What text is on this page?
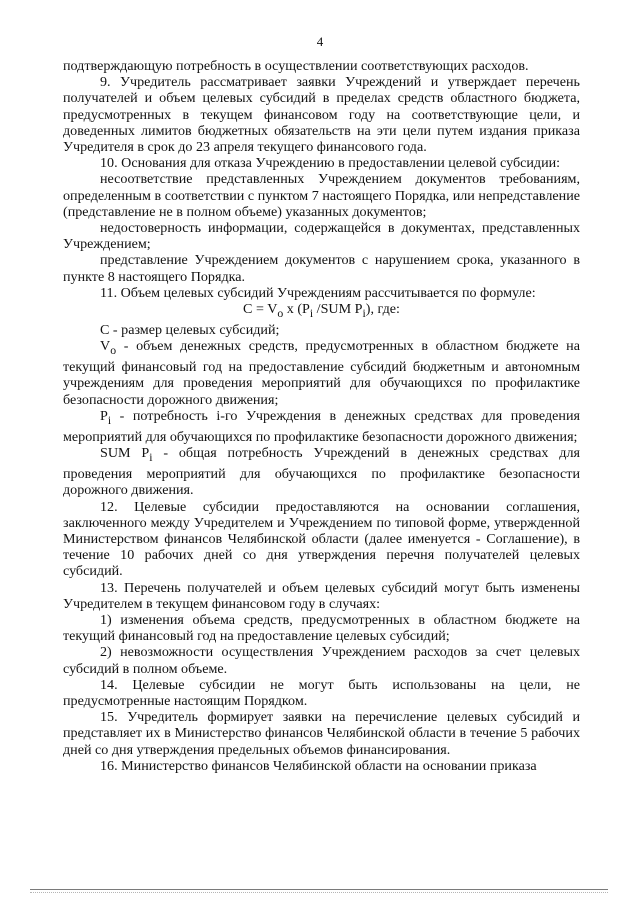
4

подтверждающую потребность в осуществлении соответствующих расходов.

9. Учредитель рассматривает заявки Учреждений и утверждает перечень получателей и объем целевых субсидий в пределах средств областного бюджета, предусмотренных в текущем финансовом году на соответствующие цели, и доведенных лимитов бюджетных обязательств на эти цели путем издания приказа Учредителя в срок до 23 апреля текущего финансового года.

10. Основания для отказа Учреждению в предоставлении целевой субсидии:

несоответствие представленных Учреждением документов требованиям, определенным в соответствии с пунктом 7 настоящего Порядка, или непредставление (представление не в полном объеме) указанных документов;

недостоверность информации, содержащейся в документах, представленных Учреждением;

представление Учреждением документов с нарушением срока, указанного в пункте 8 настоящего Порядка.

11. Объем целевых субсидий Учреждениям рассчитывается по формуле:

$C = V_o$ x ($P_i$ /SUM $P_i$), где:

C - размер целевых субсидий;

$V_o$ - объем денежных средств, предусмотренных в областном бюджете на текущий финансовый год на предоставление субсидий бюджетным и автономным учреждениям для проведения мероприятий для обучающихся по профилактике безопасности дорожного движения;

$P_i$ - потребность i-го Учреждения в денежных средствах для проведения мероприятий для обучающихся по профилактике безопасности дорожного движения;

SUM $P_i$ - общая потребность Учреждений в денежных средствах для проведения мероприятий для обучающихся по профилактике безопасности дорожного движения.

12. Целевые субсидии предоставляются на основании соглашения, заключенного между Учредителем и Учреждением по типовой форме, утвержденной Министерством финансов Челябинской области (далее именуется - Соглашение), в течение 10 рабочих дней со дня утверждения перечня получателей целевых субсидий.

13. Перечень получателей и объем целевых субсидий могут быть изменены Учредителем в текущем финансовом году в случаях:

1) изменения объема средств, предусмотренных в областном бюджете на текущий финансовый год на предоставление целевых субсидий;

2) невозможности осуществления Учреждением расходов за счет целевых субсидий в полном объеме.

14. Целевые субсидии не могут быть использованы на цели, не предусмотренные настоящим Порядком.

15. Учредитель формирует заявки на перечисление целевых субсидий и представляет их в Министерство финансов Челябинской области в течение 5 рабочих дней со дня утверждения предельных объемов финансирования.

16. Министерство финансов Челябинской области на основании приказа
